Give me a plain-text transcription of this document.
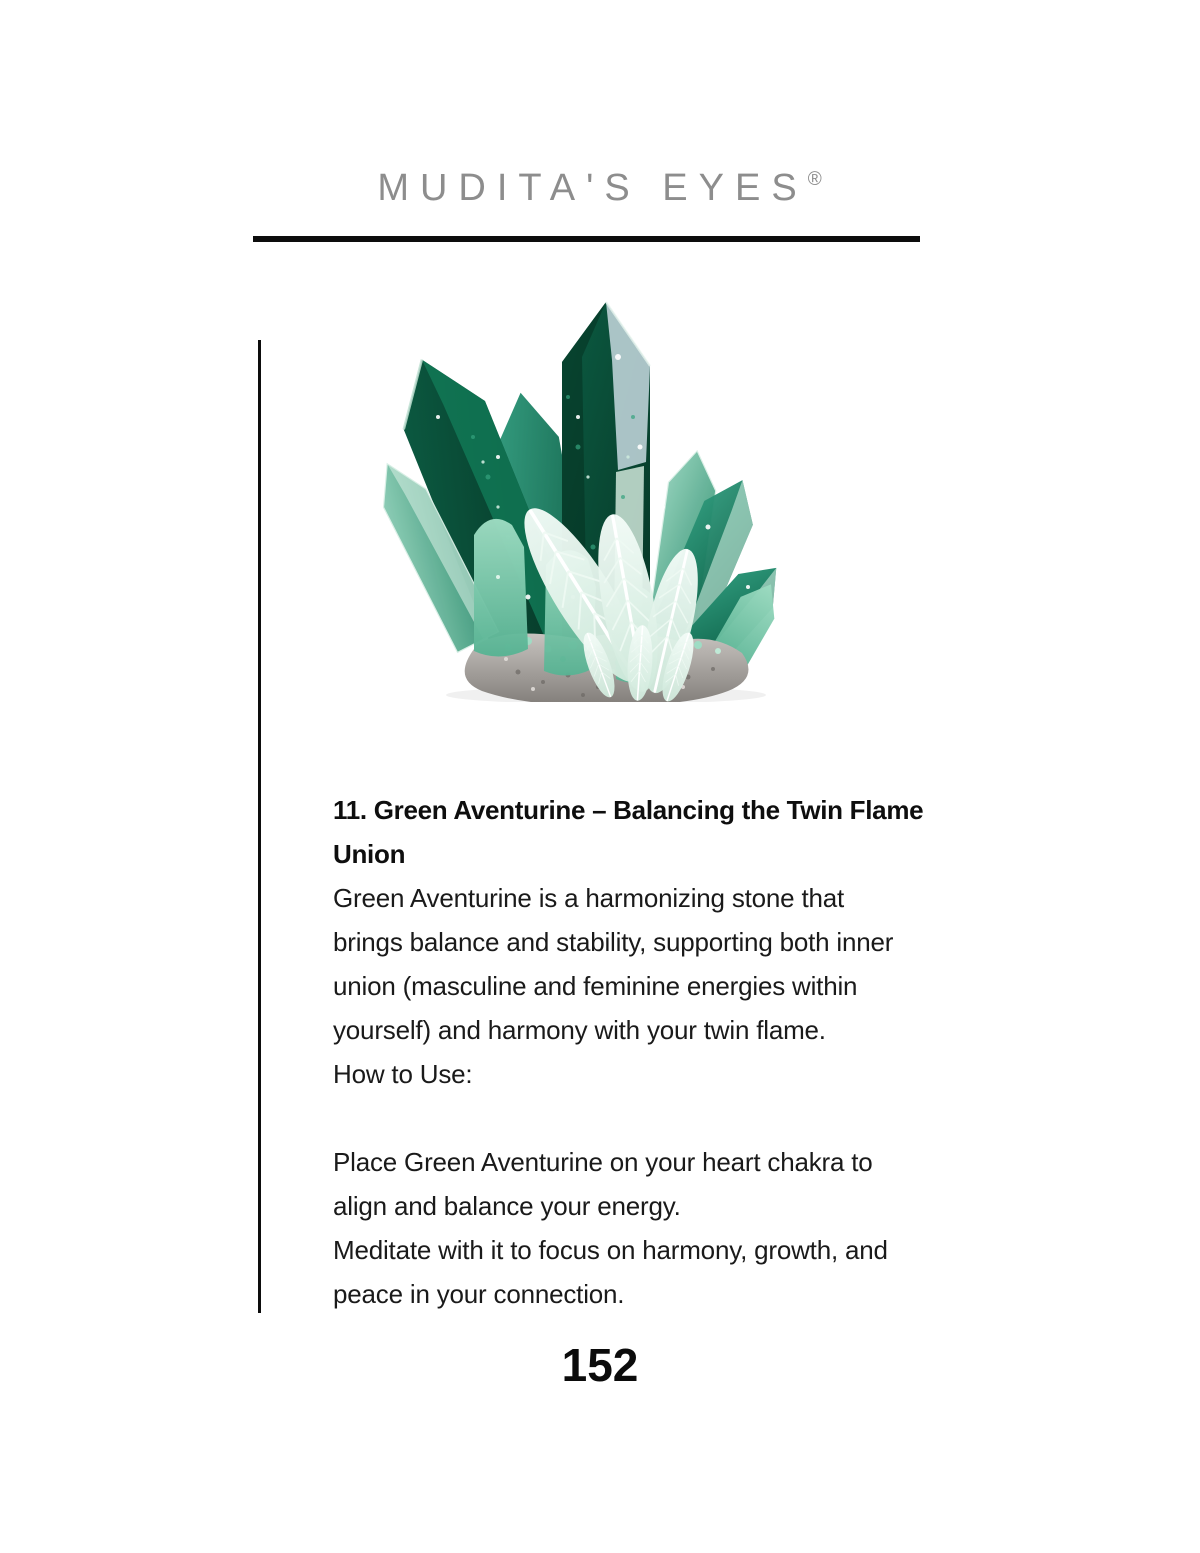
MUDITA'S EYES®
11. Green Aventurine – Balancing the Twin Flame
Union
Green Aventurine is a harmonizing stone that
brings balance and stability, supporting both inner
union (masculine and feminine energies within
yourself) and harmony with your twin flame.
How to Use:
Place Green Aventurine on your heart chakra to
align and balance your energy.
Meditate with it to focus on harmony, growth, and
peace in your connection.
152
